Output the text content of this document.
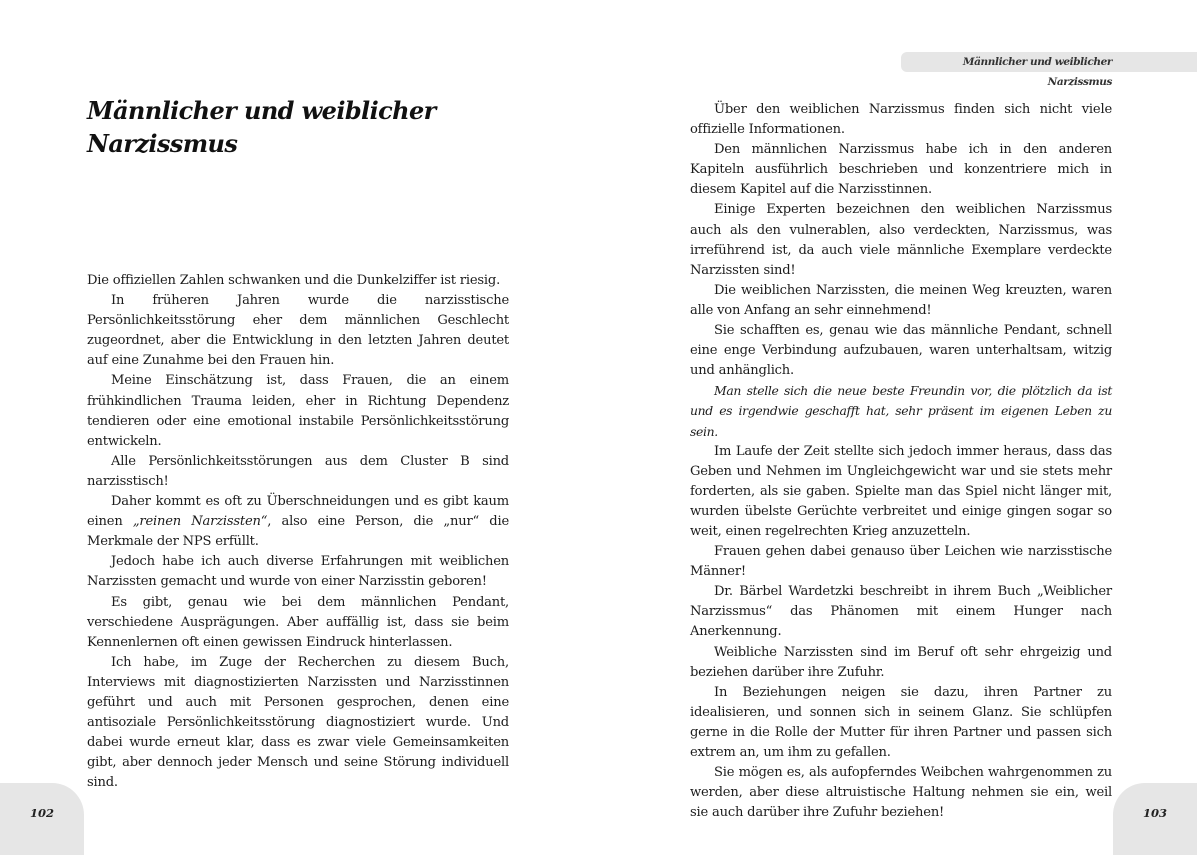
Männlicher und weiblicher
Narzissmus

Die offiziellen Zahlen schwanken und die Dunkelziffer ist riesig.

In früheren Jahren wurde die narzisstische Persönlichkeitsstörung eher dem männlichen Geschlecht zugeordnet, aber die Entwicklung in den letzten Jahren deutet auf eine Zunahme bei den Frauen hin.

Meine Einschätzung ist, dass Frauen, die an einem frühkindlichen Trauma leiden, eher in Richtung Dependenz tendieren oder eine emotional instabile Persönlichkeitsstörung entwickeln.

Alle Persönlichkeitsstörungen aus dem Cluster B sind narzisstisch!

Daher kommt es oft zu Überschneidungen und es gibt kaum einen „reinen Narzissten“, also eine Person, die „nur“ die Merkmale der NPS erfüllt.

Jedoch habe ich auch diverse Erfahrungen mit weiblichen Narzissten gemacht und wurde von einer Narzisstin geboren!

Es gibt, genau wie bei dem männlichen Pendant, verschiedene Ausprägungen. Aber auffällig ist, dass sie beim Kennenlernen oft einen gewissen Eindruck hinterlassen.

Ich habe, im Zuge der Recherchen zu diesem Buch, Interviews mit diagnostizierten Narzissten und Narzisstinnen geführt und auch mit Personen gesprochen, denen eine antisoziale Persönlichkeitsstörung diagnostiziert wurde. Und dabei wurde erneut klar, dass es zwar viele Gemeinsamkeiten gibt, aber dennoch jeder Mensch und seine Störung individuell sind.

102
Männlicher und weiblicher Narzissmus

Über den weiblichen Narzissmus finden sich nicht viele offizielle Informationen.

Den männlichen Narzissmus habe ich in den anderen Kapiteln ausführlich beschrieben und konzentriere mich in diesem Kapitel auf die Narzisstinnen.

Einige Experten bezeichnen den weiblichen Narzissmus auch als den vulnerablen, also verdeckten, Narzissmus, was irreführend ist, da auch viele männliche Exemplare verdeckte Narzissten sind!

Die weiblichen Narzissten, die meinen Weg kreuzten, waren alle von Anfang an sehr einnehmend!

Sie schafften es, genau wie das männliche Pendant, schnell eine enge Verbindung aufzubauen, waren unterhaltsam, witzig und anhänglich.

Man stelle sich die neue beste Freundin vor, die plötzlich da ist und es irgendwie geschafft hat, sehr präsent im eigenen Leben zu sein.

Im Laufe der Zeit stellte sich jedoch immer heraus, dass das Geben und Nehmen im Ungleichgewicht war und sie stets mehr forderten, als sie gaben. Spielte man das Spiel nicht länger mit, wurden übelste Gerüchte verbreitet und einige gingen sogar so weit, einen regelrechten Krieg anzuzetteln.

Frauen gehen dabei genauso über Leichen wie narzisstische Männer!

Dr. Bärbel Wardetzki beschreibt in ihrem Buch „Weiblicher Narzissmus“ das Phänomen mit einem Hunger nach Anerkennung.

Weibliche Narzissten sind im Beruf oft sehr ehrgeizig und beziehen darüber ihre Zufuhr.

In Beziehungen neigen sie dazu, ihren Partner zu idealisieren, und sonnen sich in seinem Glanz. Sie schlüpfen gerne in die Rolle der Mutter für ihren Partner und passen sich extrem an, um ihm zu gefallen.

Sie mögen es, als aufopferndes Weibchen wahrgenommen zu werden, aber diese altruistische Haltung nehmen sie ein, weil sie auch darüber ihre Zufuhr beziehen!	103
